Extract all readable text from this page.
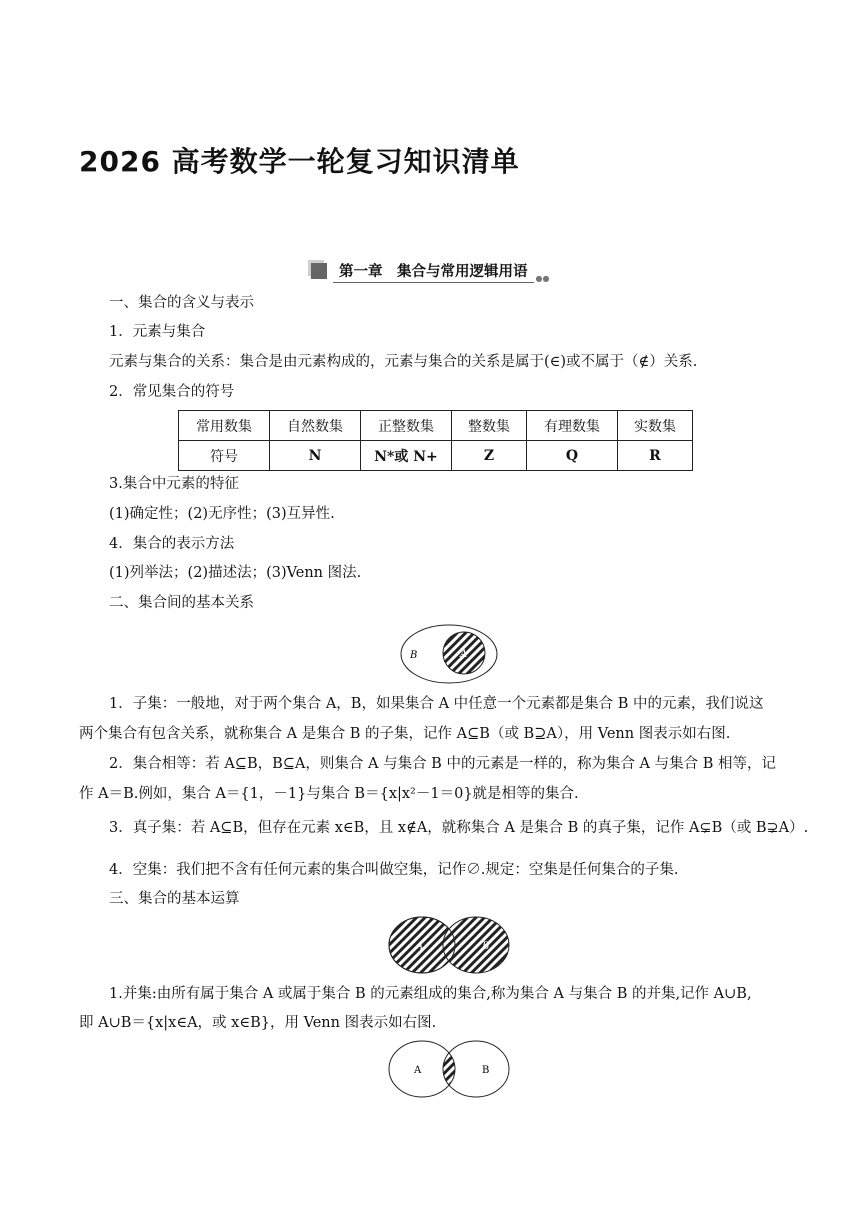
2026 高考数学一轮复习知识清单
第一章　集合与常用逻辑用语	●●
一、集合的含义与表示
1．元素与集合
元素与集合的关系：集合是由元素构成的，元素与集合的关系是属于(∈)或不属于（∉）关系.
2．常见集合的符号
常用数集	自然数集	正整数集	整数集	有理数集	实数集
符号	N	N*或 N+	Z	Q	R
3.集合中元素的特征
(1)确定性；(2)无序性；(3)互异性.
4．集合的表示方法
(1)列举法；(2)描述法；(3)Venn 图法.
二、集合间的基本关系
B	A
1．子集：一般地，对于两个集合 A，B，如果集合 A 中任意一个元素都是集合 B 中的元素，我们说这
两个集合有包含关系，就称集合 A 是集合 B 的子集，记作 A⊆B（或 B⊇A），用 Venn 图表示如右图.
2．集合相等：若 A⊆B，B⊆A，则集合 A 与集合 B 中的元素是一样的，称为集合 A 与集合 B 相等，记
作 A＝B.例如，集合 A＝{1，－1}与集合 B＝{x|x²－1＝0}就是相等的集合.
3．真子集：若 A⊆B，但存在元素 x∈B，且 x∉A，就称集合 A 是集合 B 的真子集，记作 A⊊B（或 B⊋A）.
4．空集：我们把不含有任何元素的集合叫做空集，记作∅.规定：空集是任何集合的子集.
三、集合的基本运算
A	B
1.并集:由所有属于集合 A 或属于集合 B 的元素组成的集合,称为集合 A 与集合 B 的并集,记作 A∪B,
即 A∪B＝{x|x∈A，或 x∈B}，用 Venn 图表示如右图.
A	B
